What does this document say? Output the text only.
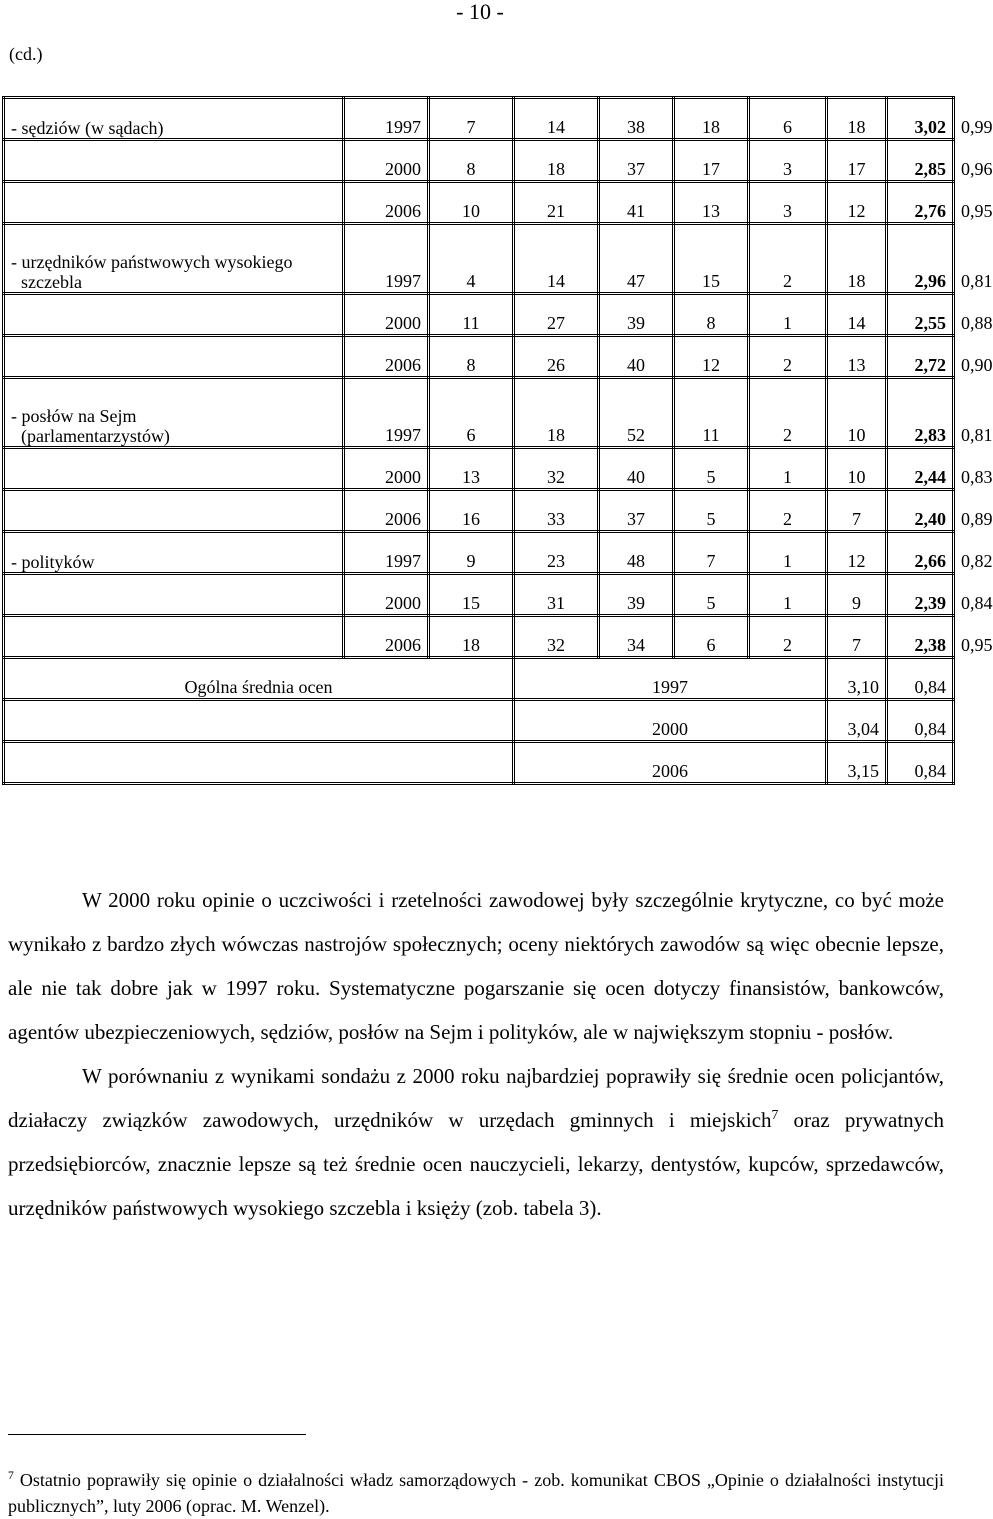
- 10 -
(cd.)
- sędziów (w sądach)	1997	7	14	38	18	6	18	3,02	0,99
	2000	8	18	37	17	3	17	2,85	0,96
	2006	10	21	41	13	3	12	2,76	0,95

- urzędników państwowych wysokiego
szczebla	1997	4	14	47	15	2	18	2,96	0,81
	2000	11	27	39	8	1	14	2,55	0,88
	2006	8	26	40	12	2	13	2,72	0,90

- posłów na Sejm
(parlamentarzystów)	1997	6	18	52	11	2	10	2,83	0,81
	2000	13	32	40	5	1	10	2,44	0,83
	2006	16	33	37	5	2	7	2,40	0,89

- polityków	1997	9	23	48	7	1	12	2,66	0,82
	2000	15	31	39	5	1	9	2,39	0,84
	2006	18	32	34	6	2	7	2,38	0,95
Ogólna średnia ocen			1997				3,10	0,84	
			2000				3,04	0,84	
			2006				3,15	0,84	

W 2000 roku opinie o uczciwości i rzetelności zawodowej były szczególnie krytyczne, co być może wynikało z bardzo złych wówczas nastrojów społecznych; oceny niektórych zawodów są więc obecnie lepsze, ale nie tak dobre jak w 1997 roku. Systematyczne pogarszanie się ocen dotyczy finansistów, bankowców, agentów ubezpieczeniowych, sędziów, posłów na Sejm i polityków, ale w największym stopniu - posłów.

W porównaniu z wynikami sondażu z 2000 roku najbardziej poprawiły się średnie ocen policjantów, działaczy związków zawodowych, urzędników w urzędach gminnych i miejskich$^7$ oraz prywatnych przedsiębiorców, znacznie lepsze są też średnie ocen nauczycieli, lekarzy, dentystów, kupców, sprzedawców, urzędników państwowych wysokiego szczebla i księży (zob. tabela 3).

$^7$ Ostatnio poprawiły się opinie o działalności władz samorządowych - zob. komunikat CBOS „Opinie o działalności instytucji publicznych”, luty 2006 (oprac. M. Wenzel).
